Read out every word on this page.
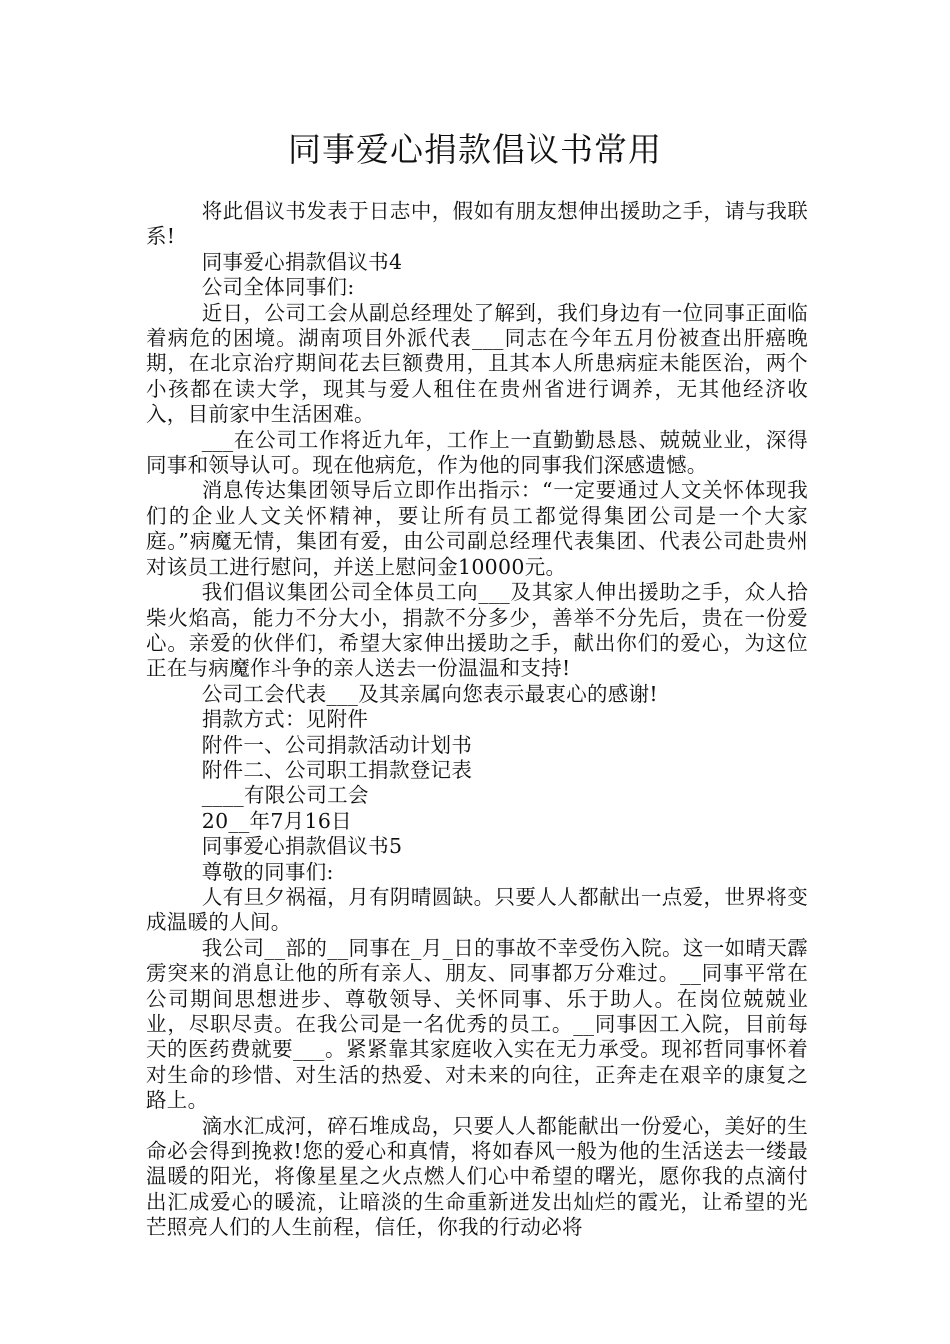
同事爱心捐款倡议书常用

将此倡议书发表于日志中，假如有朋友想伸出援助之手，请与我联系!

同事爱心捐款倡议书4

公司全体同事们:

近日，公司工会从副总经理处了解到，我们身边有一位同事正面临着病危的困境。湖南项目外派代表___同志在今年五月份被查出肝癌晚期，在北京治疗期间花去巨额费用，且其本人所患病症未能医治，两个小孩都在读大学，现其与爱人租住在贵州省进行调养，无其他经济收入，目前家中生活困难。

___在公司工作将近九年，工作上一直勤勤恳恳、兢兢业业，深得同事和领导认可。现在他病危，作为他的同事我们深感遗憾。

消息传达集团领导后立即作出指示：“一定要通过人文关怀体现我们的企业人文关怀精神，要让所有员工都觉得集团公司是一个大家庭。”病魔无情，集团有爱，由公司副总经理代表集团、代表公司赴贵州对该员工进行慰问，并送上慰问金10000元。

我们倡议集团公司全体员工向___及其家人伸出援助之手，众人拾柴火焰高，能力不分大小，捐款不分多少，善举不分先后，贵在一份爱心。亲爱的伙伴们，希望大家伸出援助之手，献出你们的爱心，为这位正在与病魔作斗争的亲人送去一份温温和支持!

公司工会代表___及其亲属向您表示最衷心的感谢!

捐款方式：见附件

附件一、公司捐款活动计划书

附件二、公司职工捐款登记表

____有限公司工会

20__年7月16日

同事爱心捐款倡议书5

尊敬的同事们:

人有旦夕祸福，月有阴晴圆缺。只要人人都献出一点爱，世界将变成温暖的人间。

我公司__部的__同事在_月_日的事故不幸受伤入院。这一如晴天霹雳突来的消息让他的所有亲人、朋友、同事都万分难过。__同事平常在公司期间思想进步、尊敬领导、关怀同事、乐于助人。在岗位兢兢业业，尽职尽责。在我公司是一名优秀的员工。__同事因工入院，目前每天的医药费就要___。紧紧靠其家庭收入实在无力承受。现祁哲同事怀着对生命的珍惜、对生活的热爱、对未来的向往，正奔走在艰辛的康复之路上。

滴水汇成河，碎石堆成岛，只要人人都能献出一份爱心，美好的生命必会得到挽救!您的爱心和真情，将如春风一般为他的生活送去一缕最温暖的阳光，将像星星之火点燃人们心中希望的曙光，愿你我的点滴付出汇成爱心的暖流，让暗淡的生命重新迸发出灿烂的霞光，让希望的光芒照亮人们的人生前程，信任，你我的行动必将
